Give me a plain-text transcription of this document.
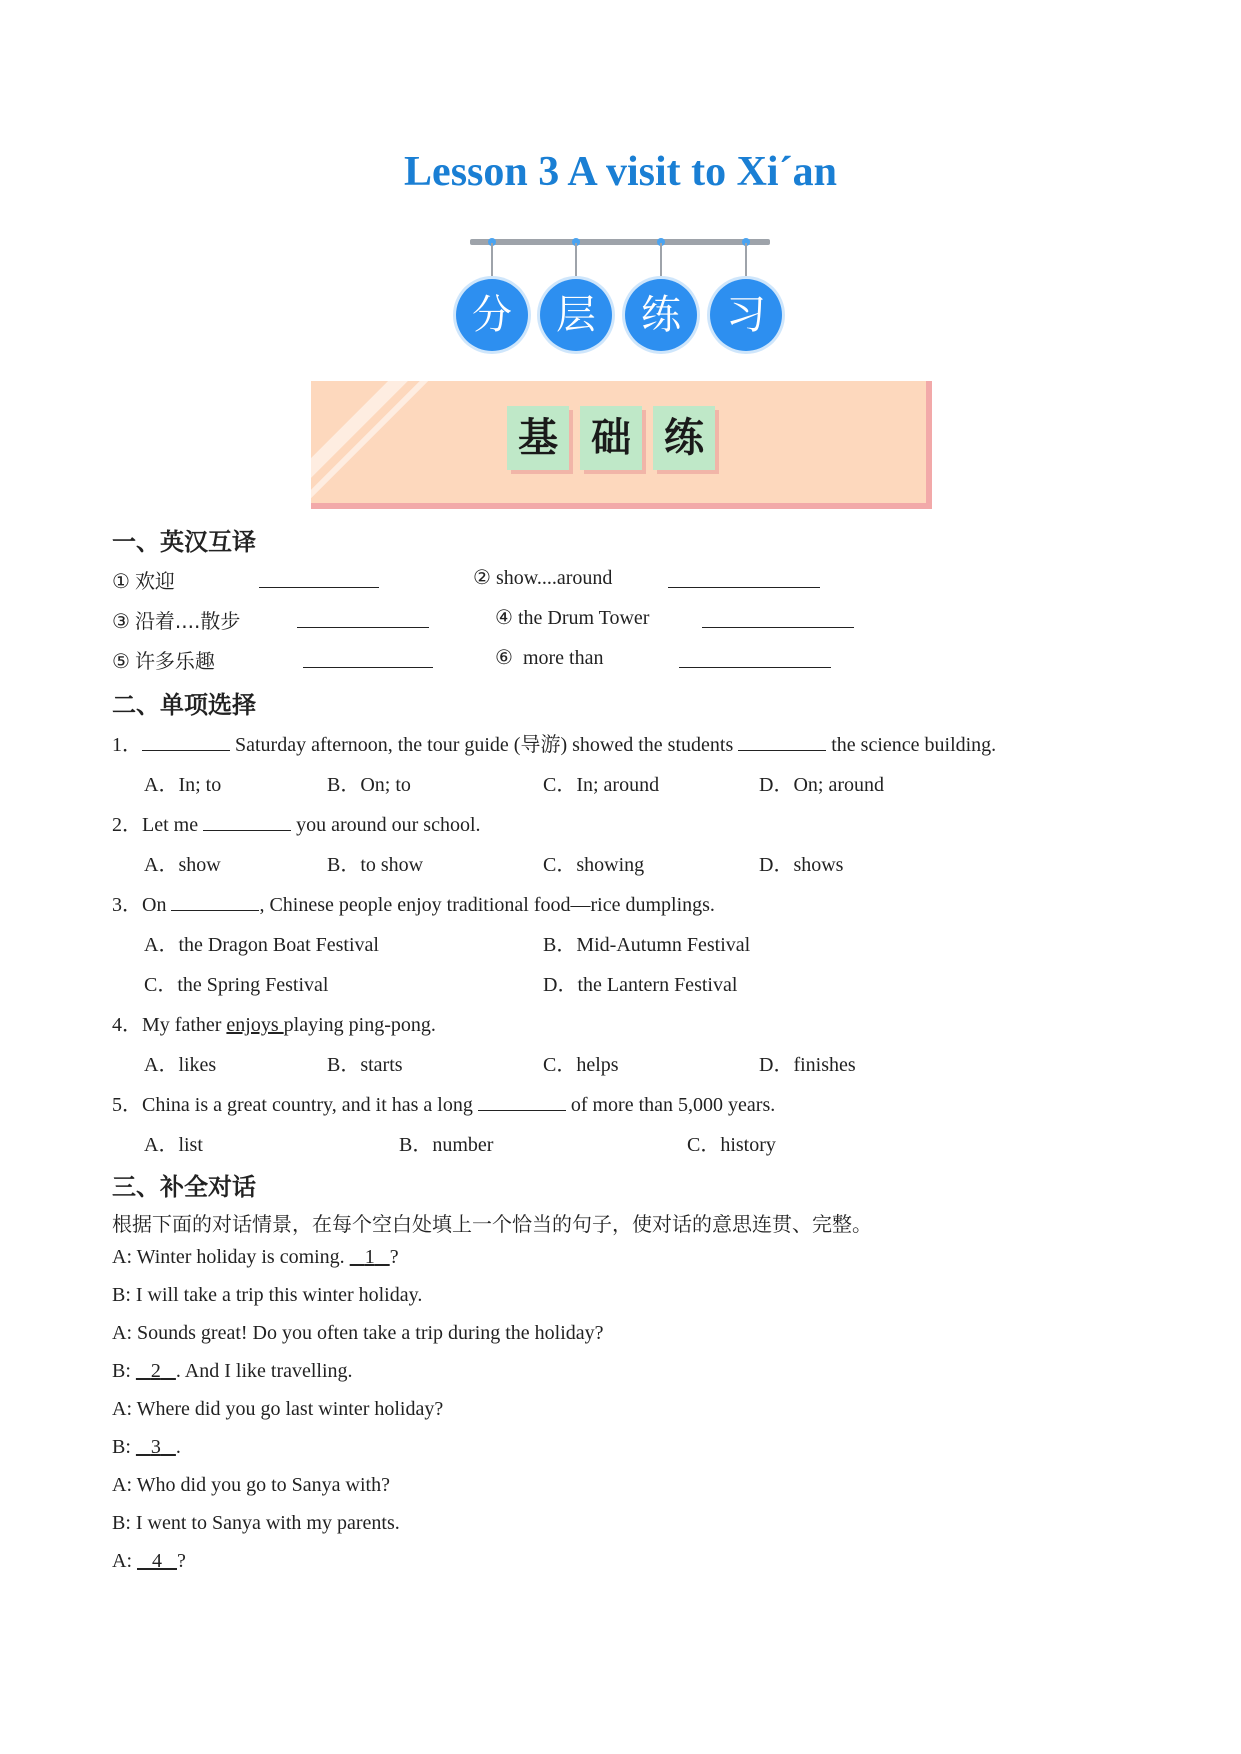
Lesson 3 A visit to Xi´an
分	层	练	习
基 础 练
一、英汉互译
① 欢迎	② show....around
③ 沿着....散步	④ the Drum Tower
⑤ 许多乐趣	⑥ more than
二、单项选择
1．	Saturday afternoon, the tour guide (导游) showed the students	the science building.
A．In; to	B．On; to	C．In; around	D．On; around
2．Let me	you around our school.
A．show	B．to show	C．showing	D．shows
3．On	, Chinese people enjoy traditional food—rice dumplings.
A．the Dragon Boat Festival	B．Mid-Autumn Festival
C．the Spring Festival	D．the Lantern Festival
4．My father enjoys playing ping-pong.
A．likes	B．starts	C．helps	D．finishes
5．China is a great country, and it has a long	of more than 5,000 years.
A．list	B．number	C．history
三、补全对话
根据下面的对话情景，在每个空白处填上一个恰当的句子，使对话的意思连贯、完整。
A: Winter holiday is coming.    1 ?
B: I will take a trip this winter holiday.
A: Sounds great! Do you often take a trip during the holiday?
B:    2 . And I like travelling.
A: Where did you go last winter holiday?
B:    3 .
A: Who did you go to Sanya with?
B: I went to Sanya with my parents.
A:    4 ?
